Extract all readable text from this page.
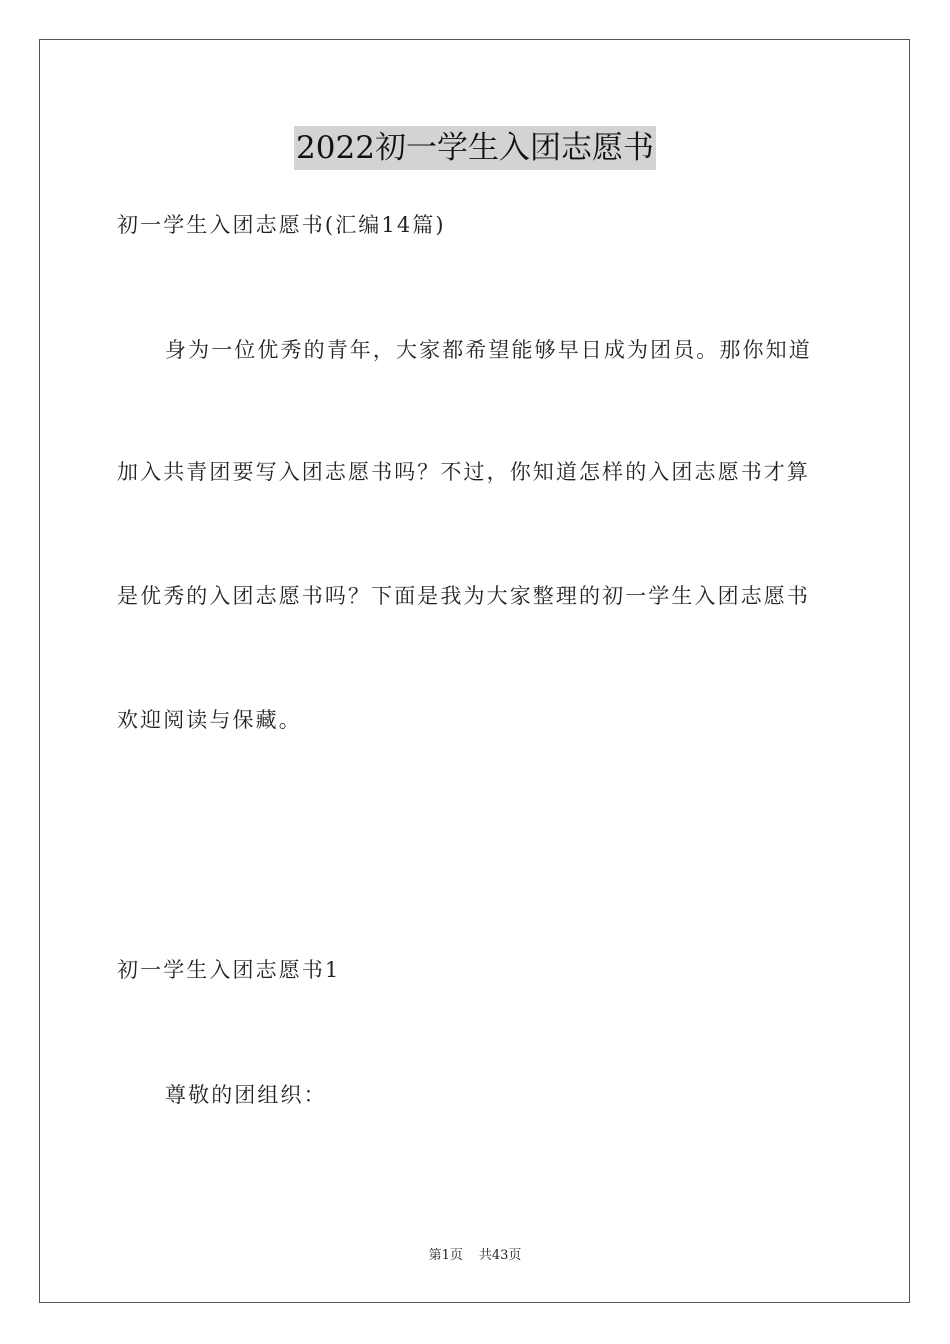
2022初一学生入团志愿书
初一学生入团志愿书(汇编14篇)
身为一位优秀的青年，大家都希望能够早日成为团员。那你知道
加入共青团要写入团志愿书吗？不过，你知道怎样的入团志愿书才算
是优秀的入团志愿书吗？下面是我为大家整理的初一学生入团志愿书
欢迎阅读与保藏。
初一学生入团志愿书1
尊敬的团组织：
第1页 共43页
